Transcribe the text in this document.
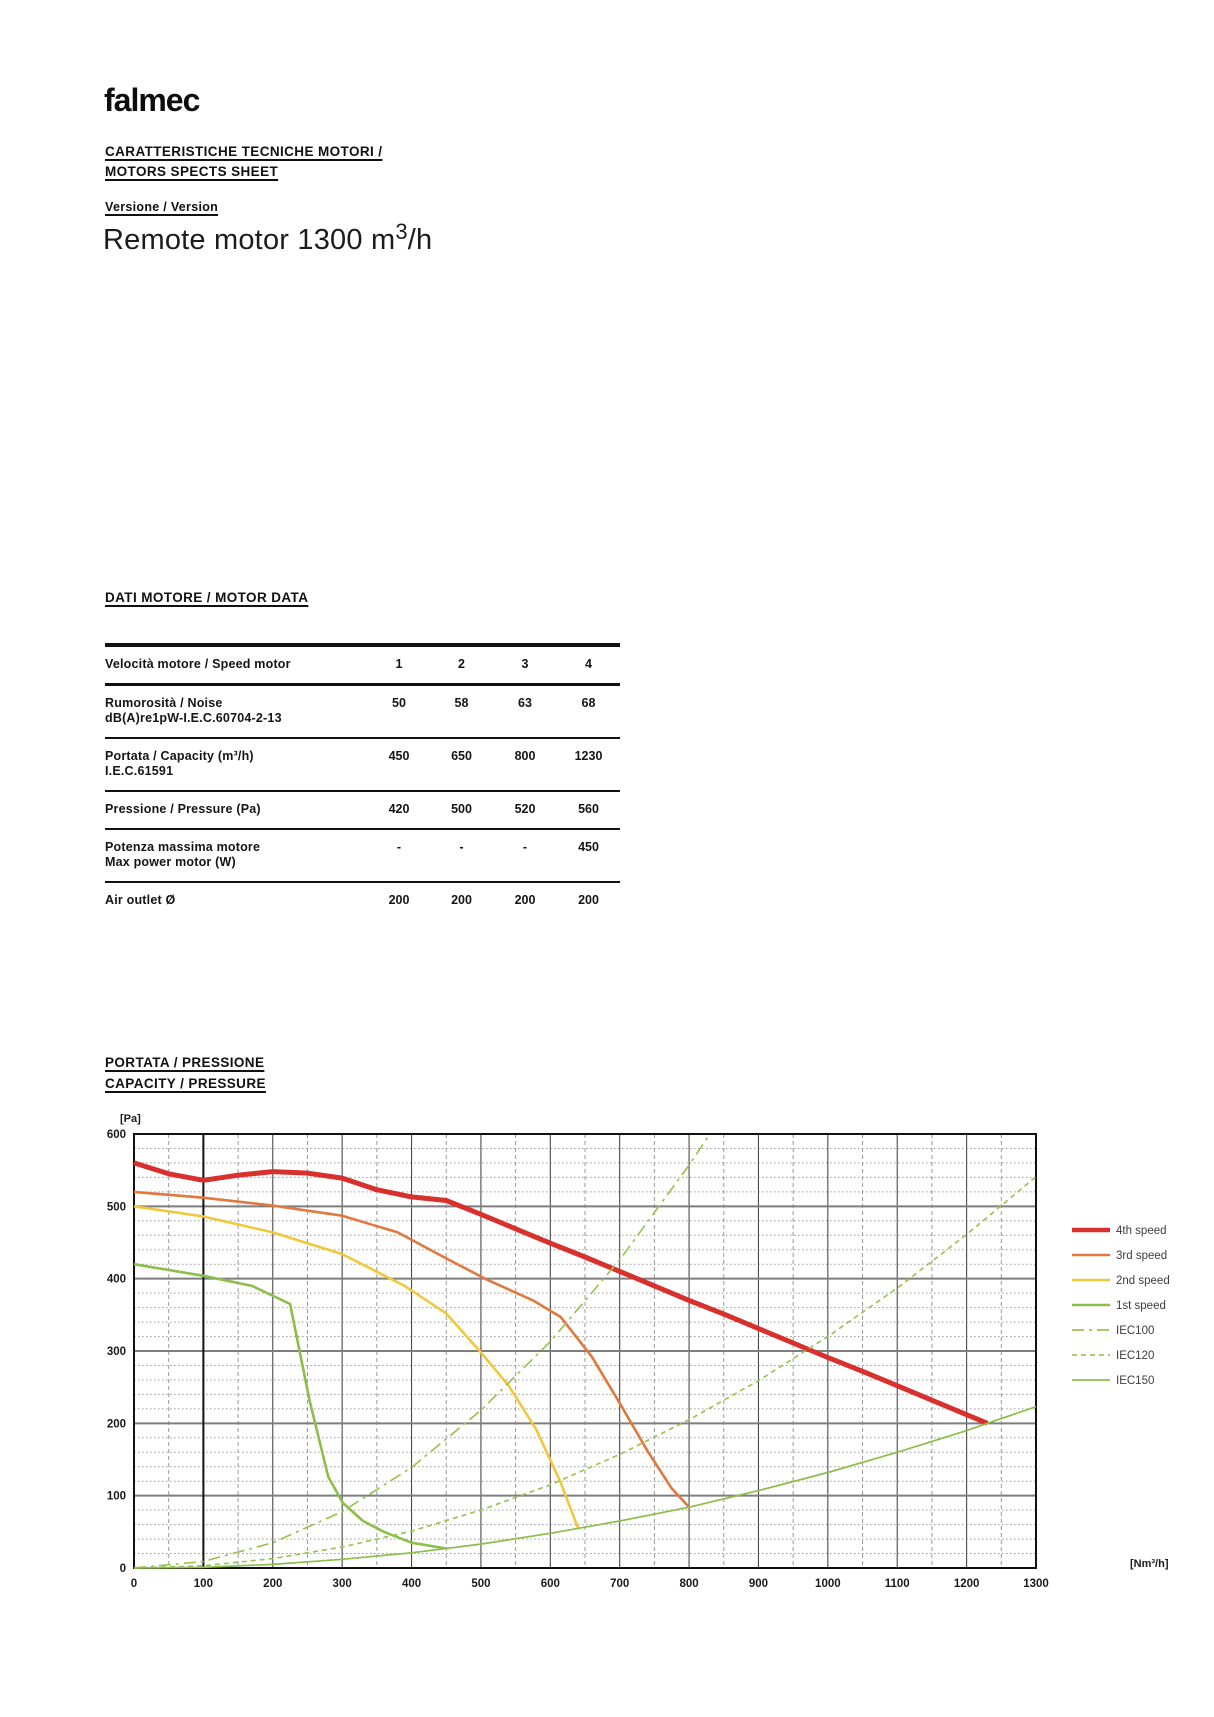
falmec
CARATTERISTICHE TECNICHE MOTORI /
MOTORS SPECTS SHEET
Versione / Version
Remote motor 1300 $m^3/h$
DATI MOTORE / MOTOR DATA
Velocità motore / Speed motor	1	2	3	4
Rumorosità / Noise
dB(A)re1pW-I.E.C.60704-2-13
50	58	63	68
Portata / Capacity (m³/h)
I.E.C.61591
450	650	800	1230
Pressione / Pressure (Pa)	420	500	520	560
Potenza massima motore
Max power motor (W)
-	-	-	450
Air outlet Ø	200	200	200	200
PORTATA / PRESSIONE
CAPACITY / PRESSURE
0
100
200
300
400
500
600
0	100	200	300	400	500	600	700	800	900	1000	1100	1200	1300
[Pa]
[Nm³/h]
4th speed
3rd speed
2nd speed
1st speed
IEC100
IEC120
IEC150
